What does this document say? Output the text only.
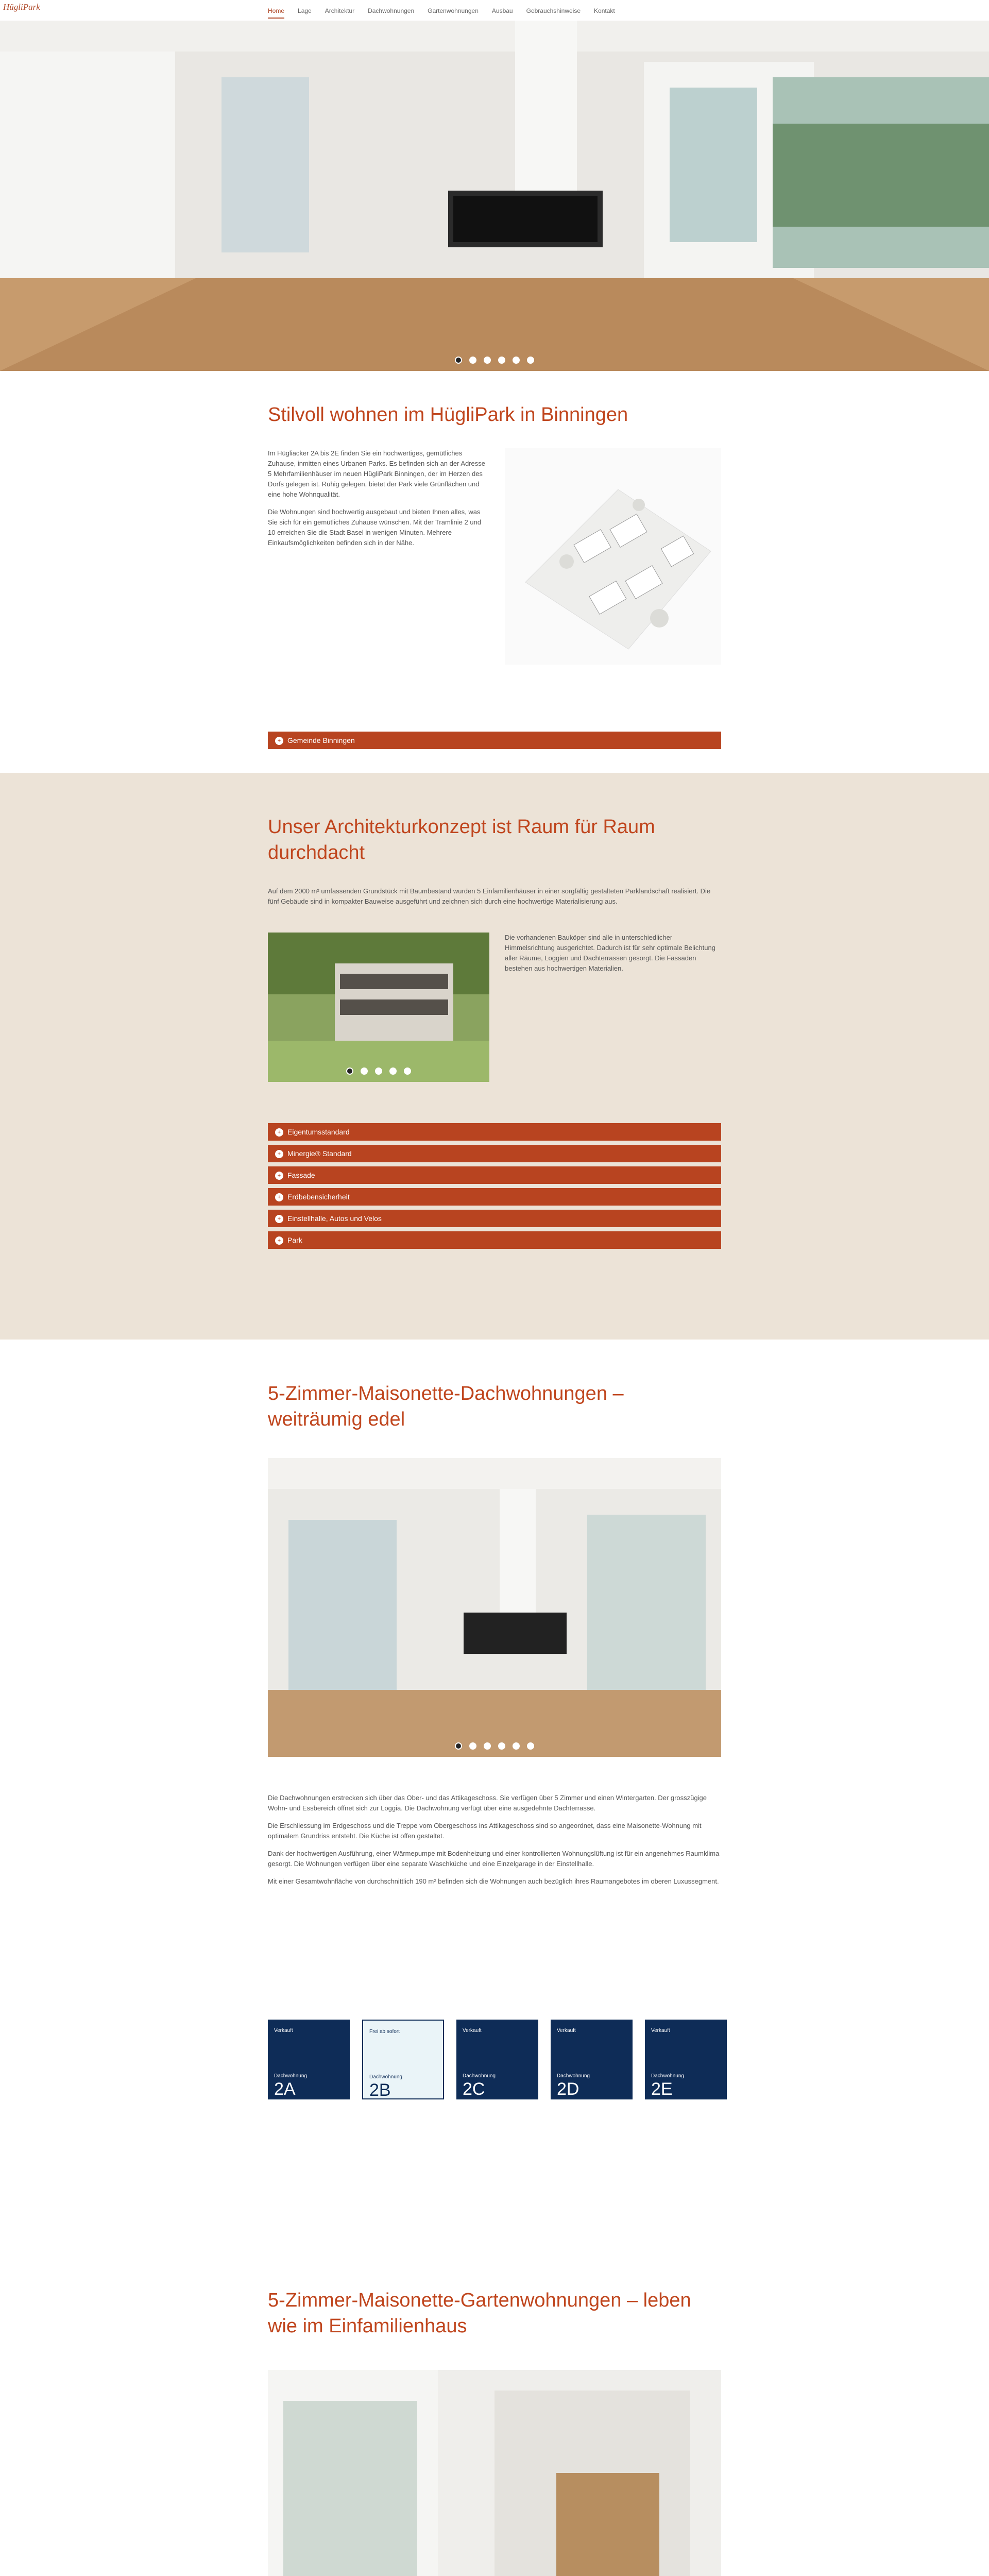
HügliPark	Home Lage Architektur Dachwohnungen Gartenwohnungen Ausbau Gebrauchshinweise Kontakt
Stilvoll wohnen im HügliPark in Binningen

Im Hügliacker 2A bis 2E finden Sie ein hochwertiges, gemütliches Zuhause, inmitten eines Urbanen Parks. Es befinden sich an der Adresse 5 Mehrfamilienhäuser im neuen HügliPark Binningen, der im Herzen des Dorfs gelegen ist. Ruhig gelegen, bietet der Park viele Grünflächen und eine hohe Wohnqualität.

Die Wohnungen sind hochwertig ausgebaut und bieten Ihnen alles, was Sie sich für ein gemütliches Zuhause wünschen. Mit der Tramlinie 2 und 10 erreichen Sie die Stadt Basel in wenigen Minuten. Mehrere Einkaufsmöglichkeiten befinden sich in der Nähe.

+ Gemeinde Binningen
Unser Architekturkonzept ist Raum für Raum durchdacht

Auf dem 2000 m² umfassenden Grundstück mit Baumbestand wurden 5 Einfamilienhäuser in einer sorgfältig gestalteten Parklandschaft realisiert. Die fünf Gebäude sind in kompakter Bauweise ausgeführt und zeichnen sich durch eine hochwertige Materialisierung aus.

Die vorhandenen Bauköper sind alle in unterschiedlicher Himmelsrichtung ausgerichtet. Dadurch ist für sehr optimale Belichtung aller Räume, Loggien und Dachterrassen gesorgt. Die Fassaden bestehen aus hochwertigen Materialien.

+ Eigentumsstandard
+ Minergie® Standard
+ Fassade
+ Erdbebensicherheit
+ Einstellhalle, Autos und Velos
+ Park
5-Zimmer-Maisonette-Dachwohnungen – weiträumig edel

Die Dachwohnungen erstrecken sich über das Ober- und das Attikageschoss. Sie verfügen über 5 Zimmer und einen Wintergarten. Der grosszügige Wohn- und Essbereich öffnet sich zur Loggia. Die Dachwohnung verfügt über eine ausgedehnte Dachterrasse.

Die Erschliessung im Erdgeschoss und die Treppe vom Obergeschoss ins Attikageschoss sind so angeordnet, dass eine Maisonette-Wohnung mit optimalem Grundriss entsteht. Die Küche ist offen gestaltet.

Dank der hochwertigen Ausführung, einer Wärmepumpe mit Bodenheizung und einer kontrollierten Wohnungslüftung ist für ein angenehmes Raumklima gesorgt. Die Wohnungen verfügen über eine separate Waschküche und eine Einzelgarage in der Einstellhalle.

Mit einer Gesamtwohnfläche von durchschnittlich 190 m² befinden sich die Wohnungen auch bezüglich ihres Raumangebotes im oberen Luxussegment.

Verkauft
Dachwohnung
2A
Frei ab sofort
Dachwohnung
2B
Verkauft
Dachwohnung
2C
Verkauft
Dachwohnung
2D
Verkauft
Dachwohnung
2E
5-Zimmer-Maisonette-Gartenwohnungen – leben wie im Einfamilienhaus
